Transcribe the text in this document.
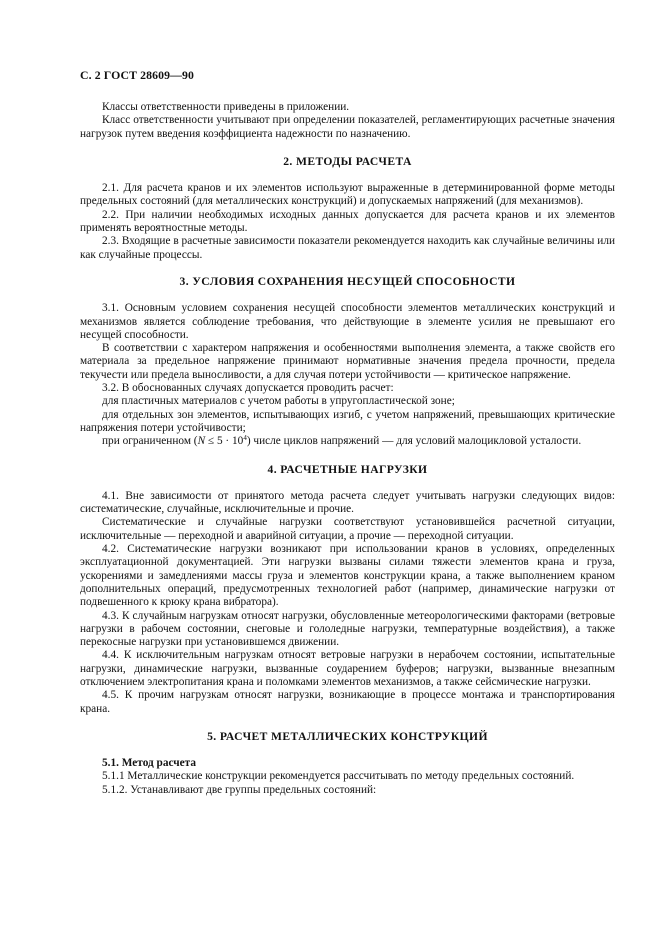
С. 2 ГОСТ 28609—90

Классы ответственности приведены в приложении.

Класс ответственности учитывают при определении показателей, регламентирующих расчетные значения нагрузок путем введения коэффициента надежности по назначению.

2. МЕТОДЫ РАСЧЕТА

2.1. Для расчета кранов и их элементов используют выраженные в детерминированной форме методы предельных состояний (для металлических конструкций) и допускаемых напряжений (для механизмов).

2.2. При наличии необходимых исходных данных допускается для расчета кранов и их элементов применять вероятностные методы.

2.3. Входящие в расчетные зависимости показатели рекомендуется находить как случайные величины или как случайные процессы.

3. УСЛОВИЯ СОХРАНЕНИЯ НЕСУЩЕЙ СПОСОБНОСТИ

3.1. Основным условием сохранения несущей способности элементов металлических конструкций и механизмов является соблюдение требования, что действующие в элементе усилия не превышают его несущей способности.

В соответствии с характером напряжения и особенностями выполнения элемента, а также свойств его материала за предельное напряжение принимают нормативные значения предела прочности, предела текучести или предела выносливости, а для случая потери устойчивости — критическое напряжение.

3.2. В обоснованных случаях допускается проводить расчет:

для пластичных материалов с учетом работы в упругопластической зоне;

для отдельных зон элементов, испытывающих изгиб, с учетом напряжений, превышающих критические напряжения потери устойчивости;

при ограниченном $(N \le 5 \cdot 10^4)$ числе циклов напряжений — для условий малоцикловой усталости.

4. РАСЧЕТНЫЕ НАГРУЗКИ

4.1. Вне зависимости от принятого метода расчета следует учитывать нагрузки следующих видов: систематические, случайные, исключительные и прочие.

Систематические и случайные нагрузки соответствуют установившейся расчетной ситуации, исключительные — переходной и аварийной ситуации, а прочие — переходной ситуации.

4.2. Систематические нагрузки возникают при использовании кранов в условиях, определенных эксплуатационной документацией. Эти нагрузки вызваны силами тяжести элементов крана и груза, ускорениями и замедлениями массы груза и элементов конструкции крана, а также выполнением краном дополнительных операций, предусмотренных технологией работ (например, динамические нагрузки от подвешенного к крюку крана вибратора).

4.3. К случайным нагрузкам относят нагрузки, обусловленные метеорологическими факторами (ветровые нагрузки в рабочем состоянии, снеговые и гололедные нагрузки, температурные воздействия), а также перекосные нагрузки при установившемся движении.

4.4. К исключительным нагрузкам относят ветровые нагрузки в нерабочем состоянии, испытательные нагрузки, динамические нагрузки, вызванные соударением буферов; нагрузки, вызванные внезапным отключением электропитания крана и поломками элементов механизмов, а также сейсмические нагрузки.

4.5. К прочим нагрузкам относят нагрузки, возникающие в процессе монтажа и транспортирования крана.

5. РАСЧЕТ МЕТАЛЛИЧЕСКИХ КОНСТРУКЦИЙ

5.1. Метод расчета

5.1.1 Металлические конструкции рекомендуется рассчитывать по методу предельных состояний.

5.1.2. Устанавливают две группы предельных состояний:
